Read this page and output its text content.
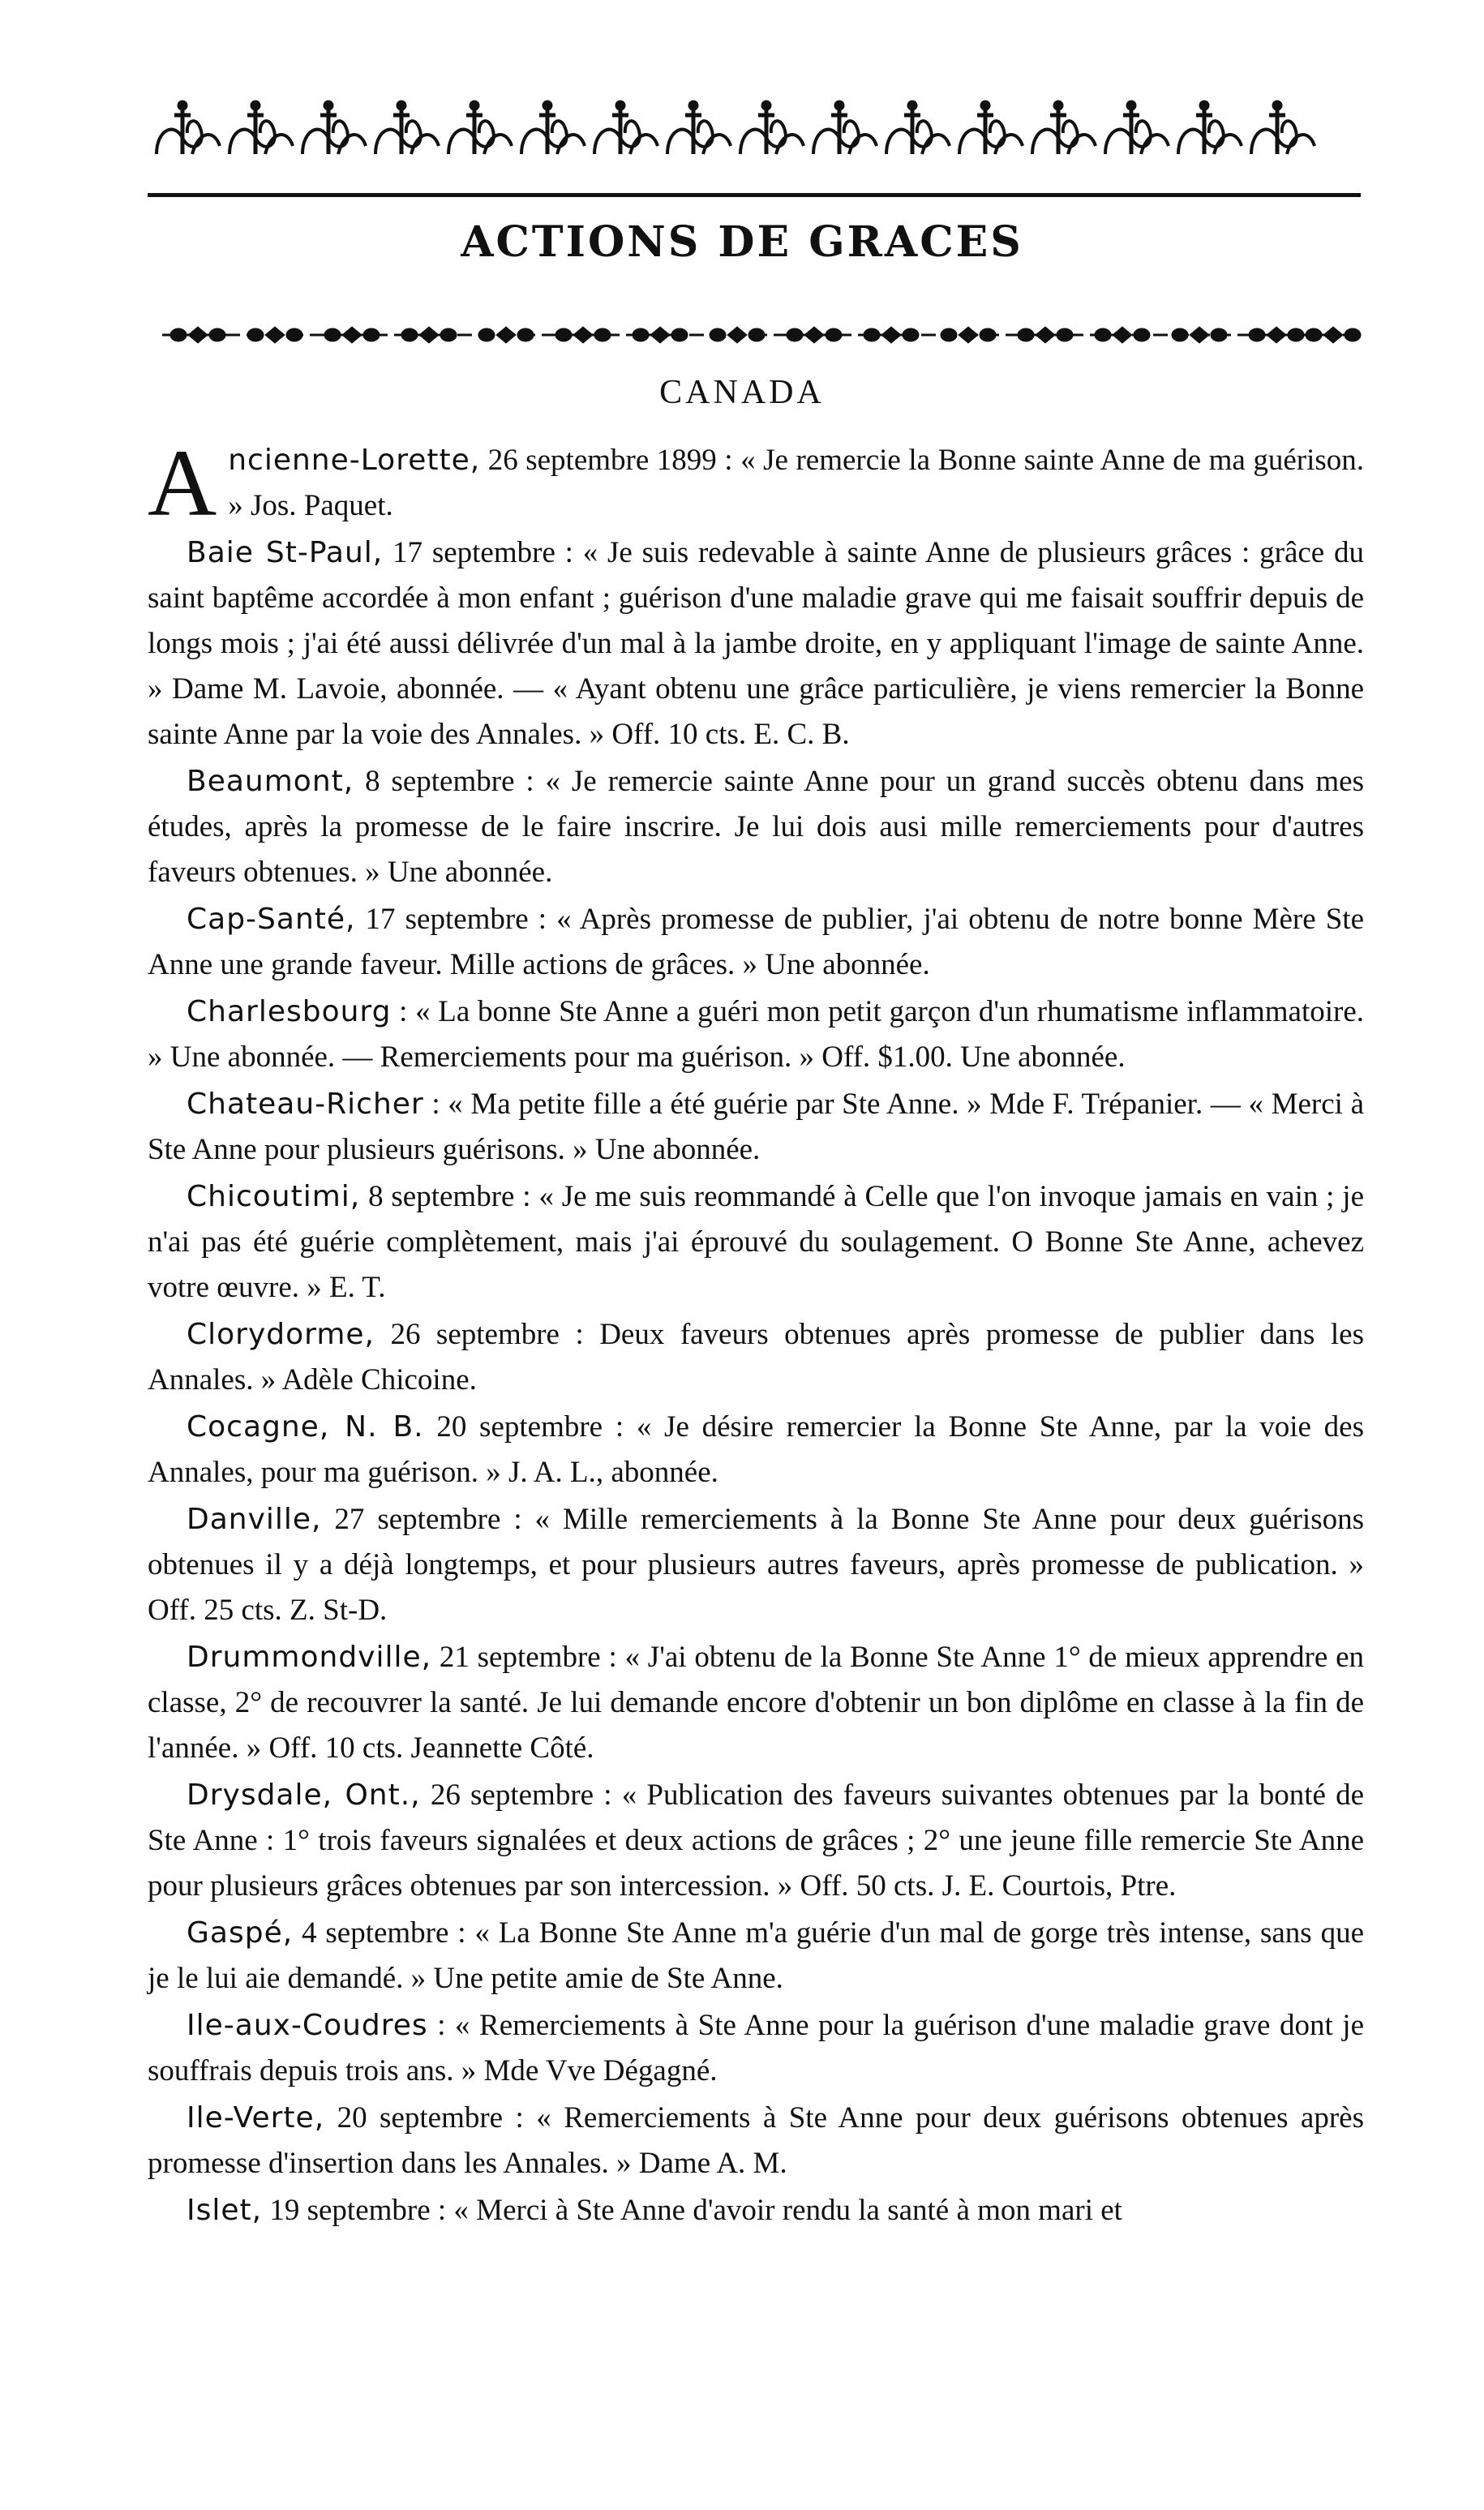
ACTIONS DE GRACES
CANADA

Ancienne-Lorette, 26 septembre 1899 : « Je remercie la Bonne sainte Anne de ma guérison. » Jos. Paquet.

Baie St-Paul, 17 septembre : « Je suis redevable à sainte Anne de plusieurs grâces : grâce du saint baptême accordée à mon enfant ; guérison d'une maladie grave qui me faisait souffrir depuis de longs mois ; j'ai été aussi délivrée d'un mal à la jambe droite, en y appliquant l'image de sainte Anne. » Dame M. Lavoie, abonnée. — « Ayant obtenu une grâce particulière, je viens remercier la Bonne sainte Anne par la voie des Annales. » Off. 10 cts. E. C. B.

Beaumont, 8 septembre : « Je remercie sainte Anne pour un grand succès obtenu dans mes études, après la promesse de le faire inscrire. Je lui dois ausi mille remerciements pour d'autres faveurs obtenues. » Une abonnée.

Cap-Santé, 17 septembre : « Après promesse de publier, j'ai obtenu de notre bonne Mère Ste Anne une grande faveur. Mille actions de grâces. » Une abonnée.

Charlesbourg : « La bonne Ste Anne a guéri mon petit garçon d'un rhumatisme inflammatoire. » Une abonnée. — Remerciements pour ma guérison. » Off. $1.00. Une abonnée.

Chateau-Richer : « Ma petite fille a été guérie par Ste Anne. » Mde F. Trépanier. — « Merci à Ste Anne pour plusieurs guérisons. » Une abonnée.

Chicoutimi, 8 septembre : « Je me suis reommandé à Celle que l'on invoque jamais en vain ; je n'ai pas été guérie complètement, mais j'ai éprouvé du soulagement. O Bonne Ste Anne, achevez votre œuvre. » E. T.

Clorydorme, 26 septembre : Deux faveurs obtenues après promesse de publier dans les Annales. » Adèle Chicoine.

Cocagne, N. B. 20 septembre : « Je désire remercier la Bonne Ste Anne, par la voie des Annales, pour ma guérison. » J. A. L., abonnée.

Danville, 27 septembre : « Mille remerciements à la Bonne Ste Anne pour deux guérisons obtenues il y a déjà longtemps, et pour plusieurs autres faveurs, après promesse de publication. » Off. 25 cts. Z. St-D.

Drummondville, 21 septembre : « J'ai obtenu de la Bonne Ste Anne 1° de mieux apprendre en classe, 2° de recouvrer la santé. Je lui demande encore d'obtenir un bon diplôme en classe à la fin de l'année. » Off. 10 cts. Jeannette Côté.

Drysdale, Ont., 26 septembre : « Publication des faveurs suivantes obtenues par la bonté de Ste Anne : 1° trois faveurs signalées et deux actions de grâces ; 2° une jeune fille remercie Ste Anne pour plusieurs grâces obtenues par son intercession. » Off. 50 cts. J. E. Courtois, Ptre.

Gaspé, 4 septembre : « La Bonne Ste Anne m'a guérie d'un mal de gorge très intense, sans que je le lui aie demandé. » Une petite amie de Ste Anne.

Ile-aux-Coudres : « Remerciements à Ste Anne pour la guérison d'une maladie grave dont je souffrais depuis trois ans. » Mde Vve Dégagné.

Ile-Verte, 20 septembre : « Remerciements à Ste Anne pour deux guérisons obtenues après promesse d'insertion dans les Annales. » Dame A. M.

Islet, 19 septembre : « Merci à Ste Anne d'avoir rendu la santé à mon mari et
